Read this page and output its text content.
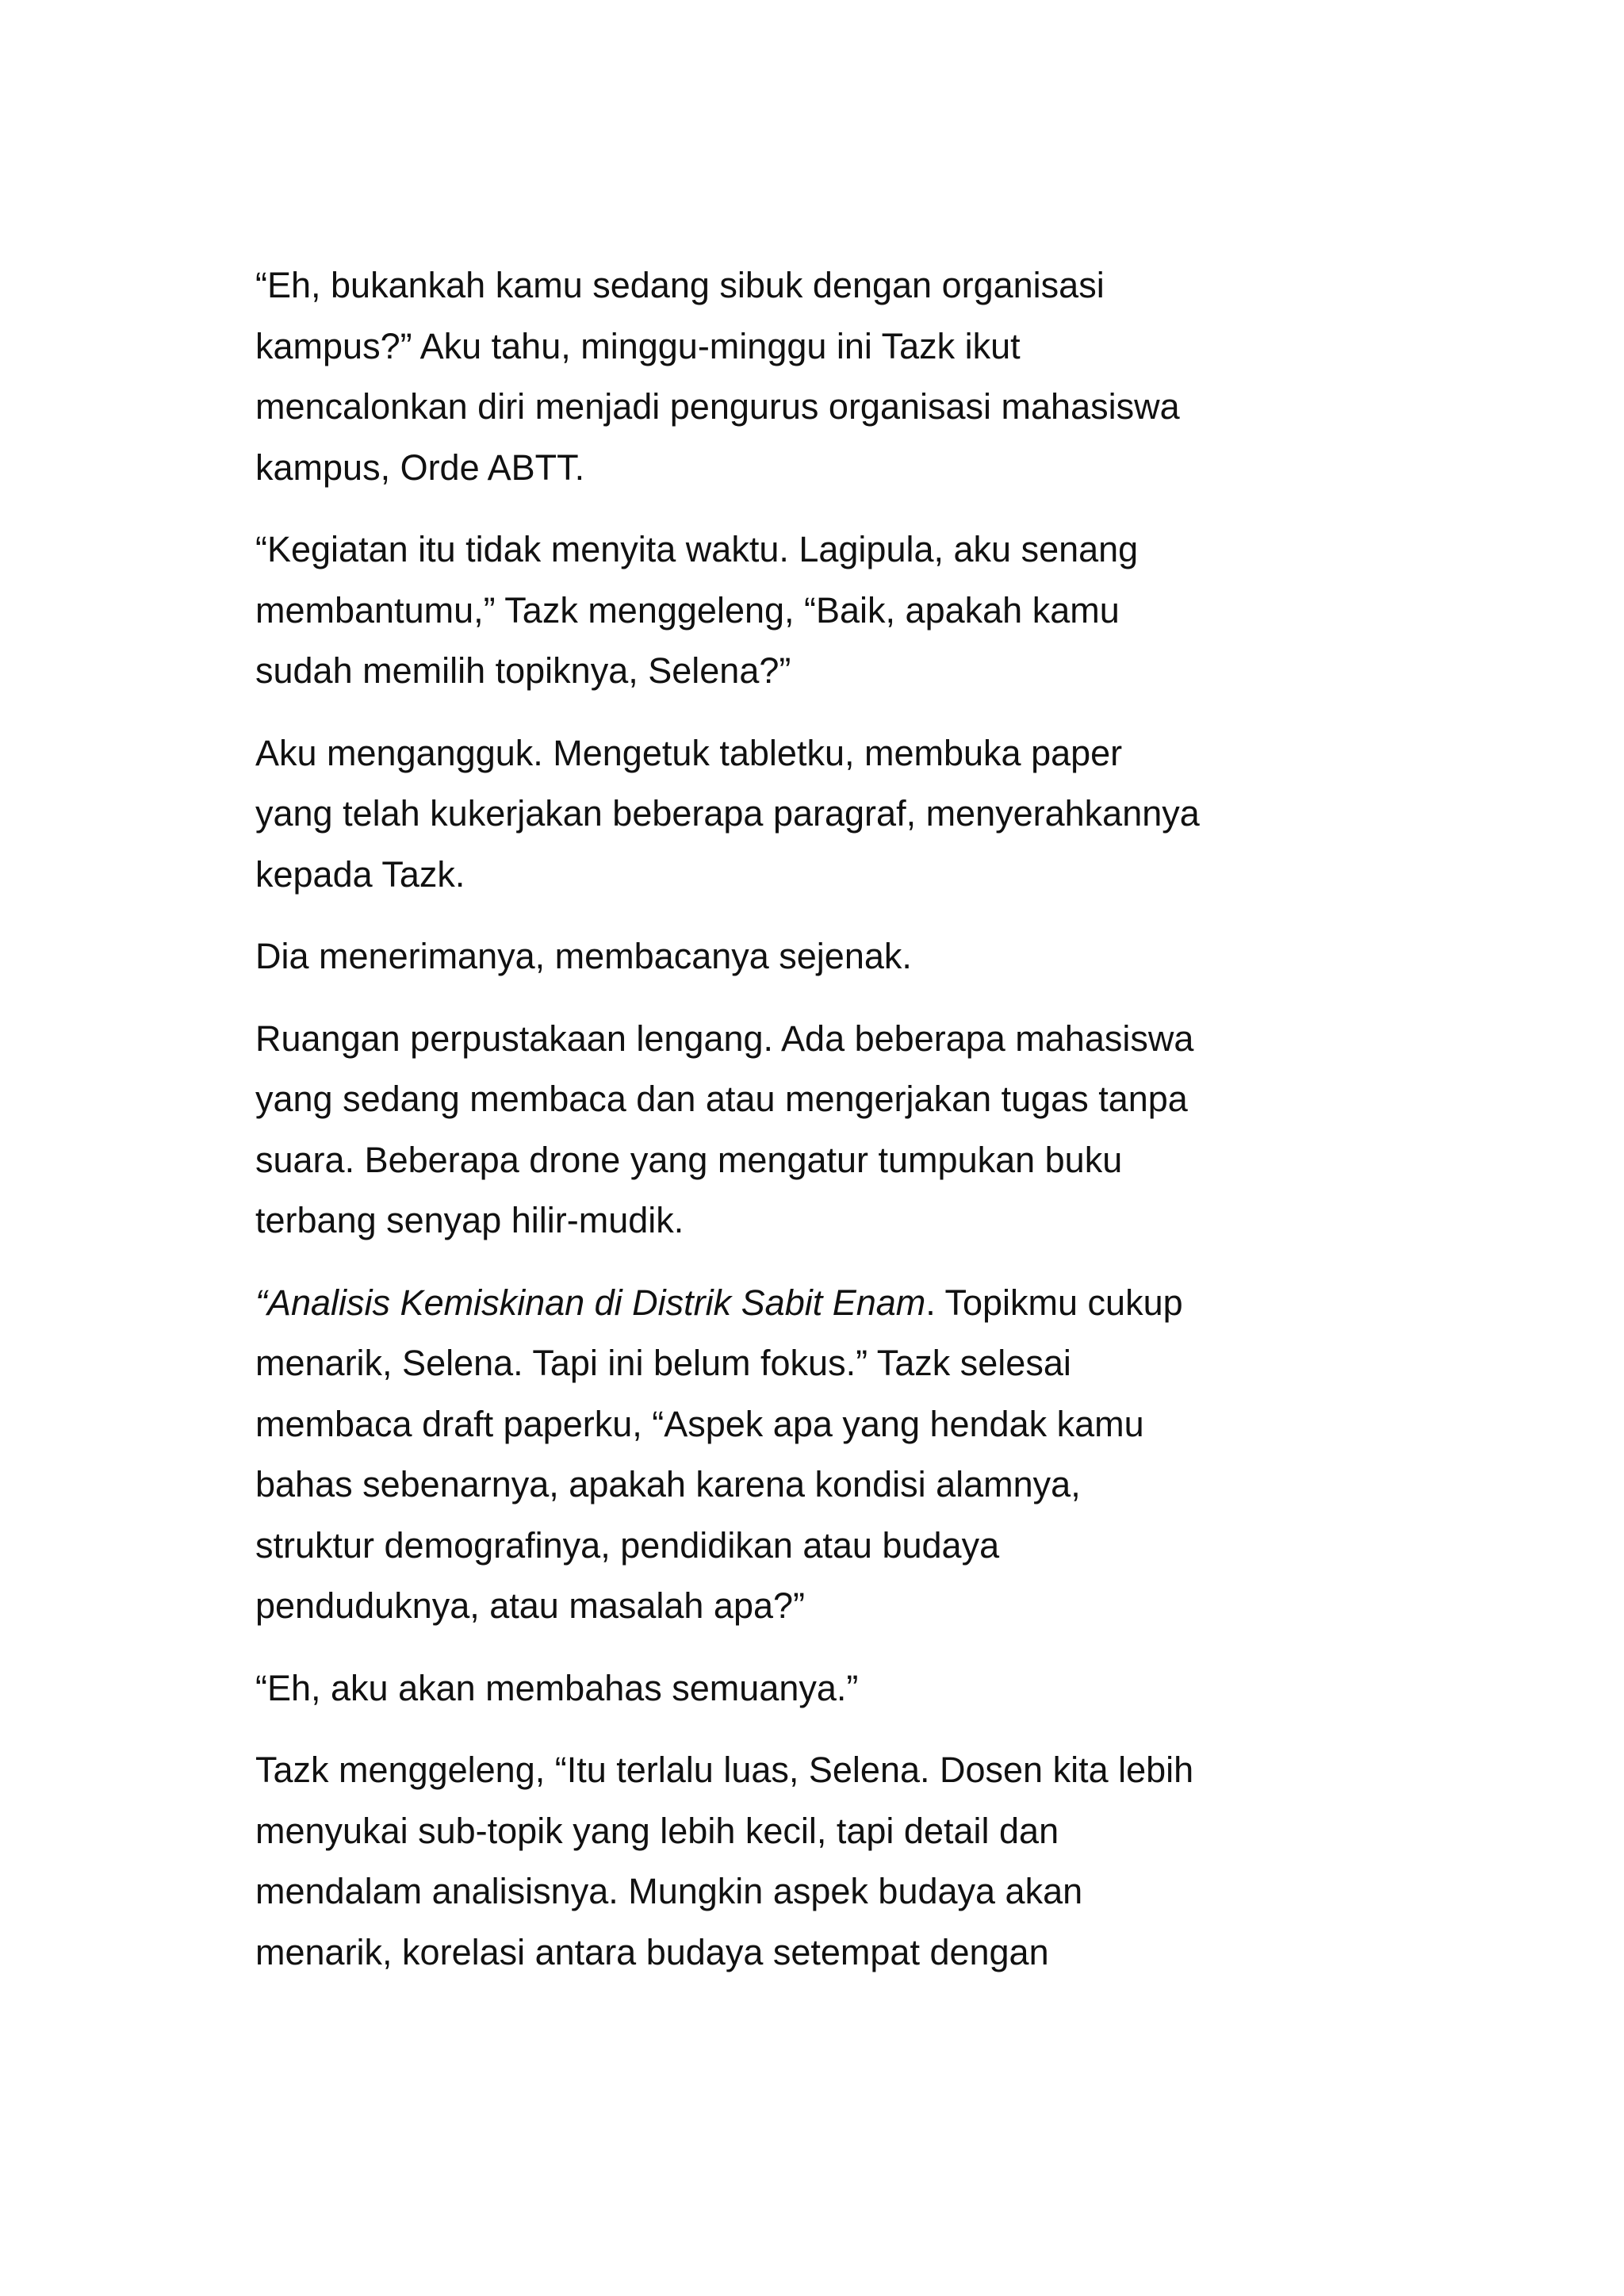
“Eh, bukankah kamu sedang sibuk dengan organisasi
kampus?” Aku tahu, minggu-minggu ini Tazk ikut
mencalonkan diri menjadi pengurus organisasi mahasiswa
kampus, Orde ABTT.

“Kegiatan itu tidak menyita waktu. Lagipula, aku senang
membantumu,” Tazk menggeleng, “Baik, apakah kamu
sudah memilih topiknya, Selena?”

Aku mengangguk. Mengetuk tabletku, membuka paper
yang telah kukerjakan beberapa paragraf, menyerahkannya
kepada Tazk.

Dia menerimanya, membacanya sejenak.

Ruangan perpustakaan lengang. Ada beberapa mahasiswa
yang sedang membaca dan atau mengerjakan tugas tanpa
suara. Beberapa drone yang mengatur tumpukan buku
terbang senyap hilir-mudik.

“Analisis Kemiskinan di Distrik Sabit Enam. Topikmu cukup
menarik, Selena. Tapi ini belum fokus.” Tazk selesai
membaca draft paperku, “Aspek apa yang hendak kamu
bahas sebenarnya, apakah karena kondisi alamnya,
struktur demografinya, pendidikan atau budaya
penduduknya, atau masalah apa?”

“Eh, aku akan membahas semuanya.”

Tazk menggeleng, “Itu terlalu luas, Selena. Dosen kita lebih
menyukai sub-topik yang lebih kecil, tapi detail dan
mendalam analisisnya. Mungkin aspek budaya akan
menarik, korelasi antara budaya setempat dengan
